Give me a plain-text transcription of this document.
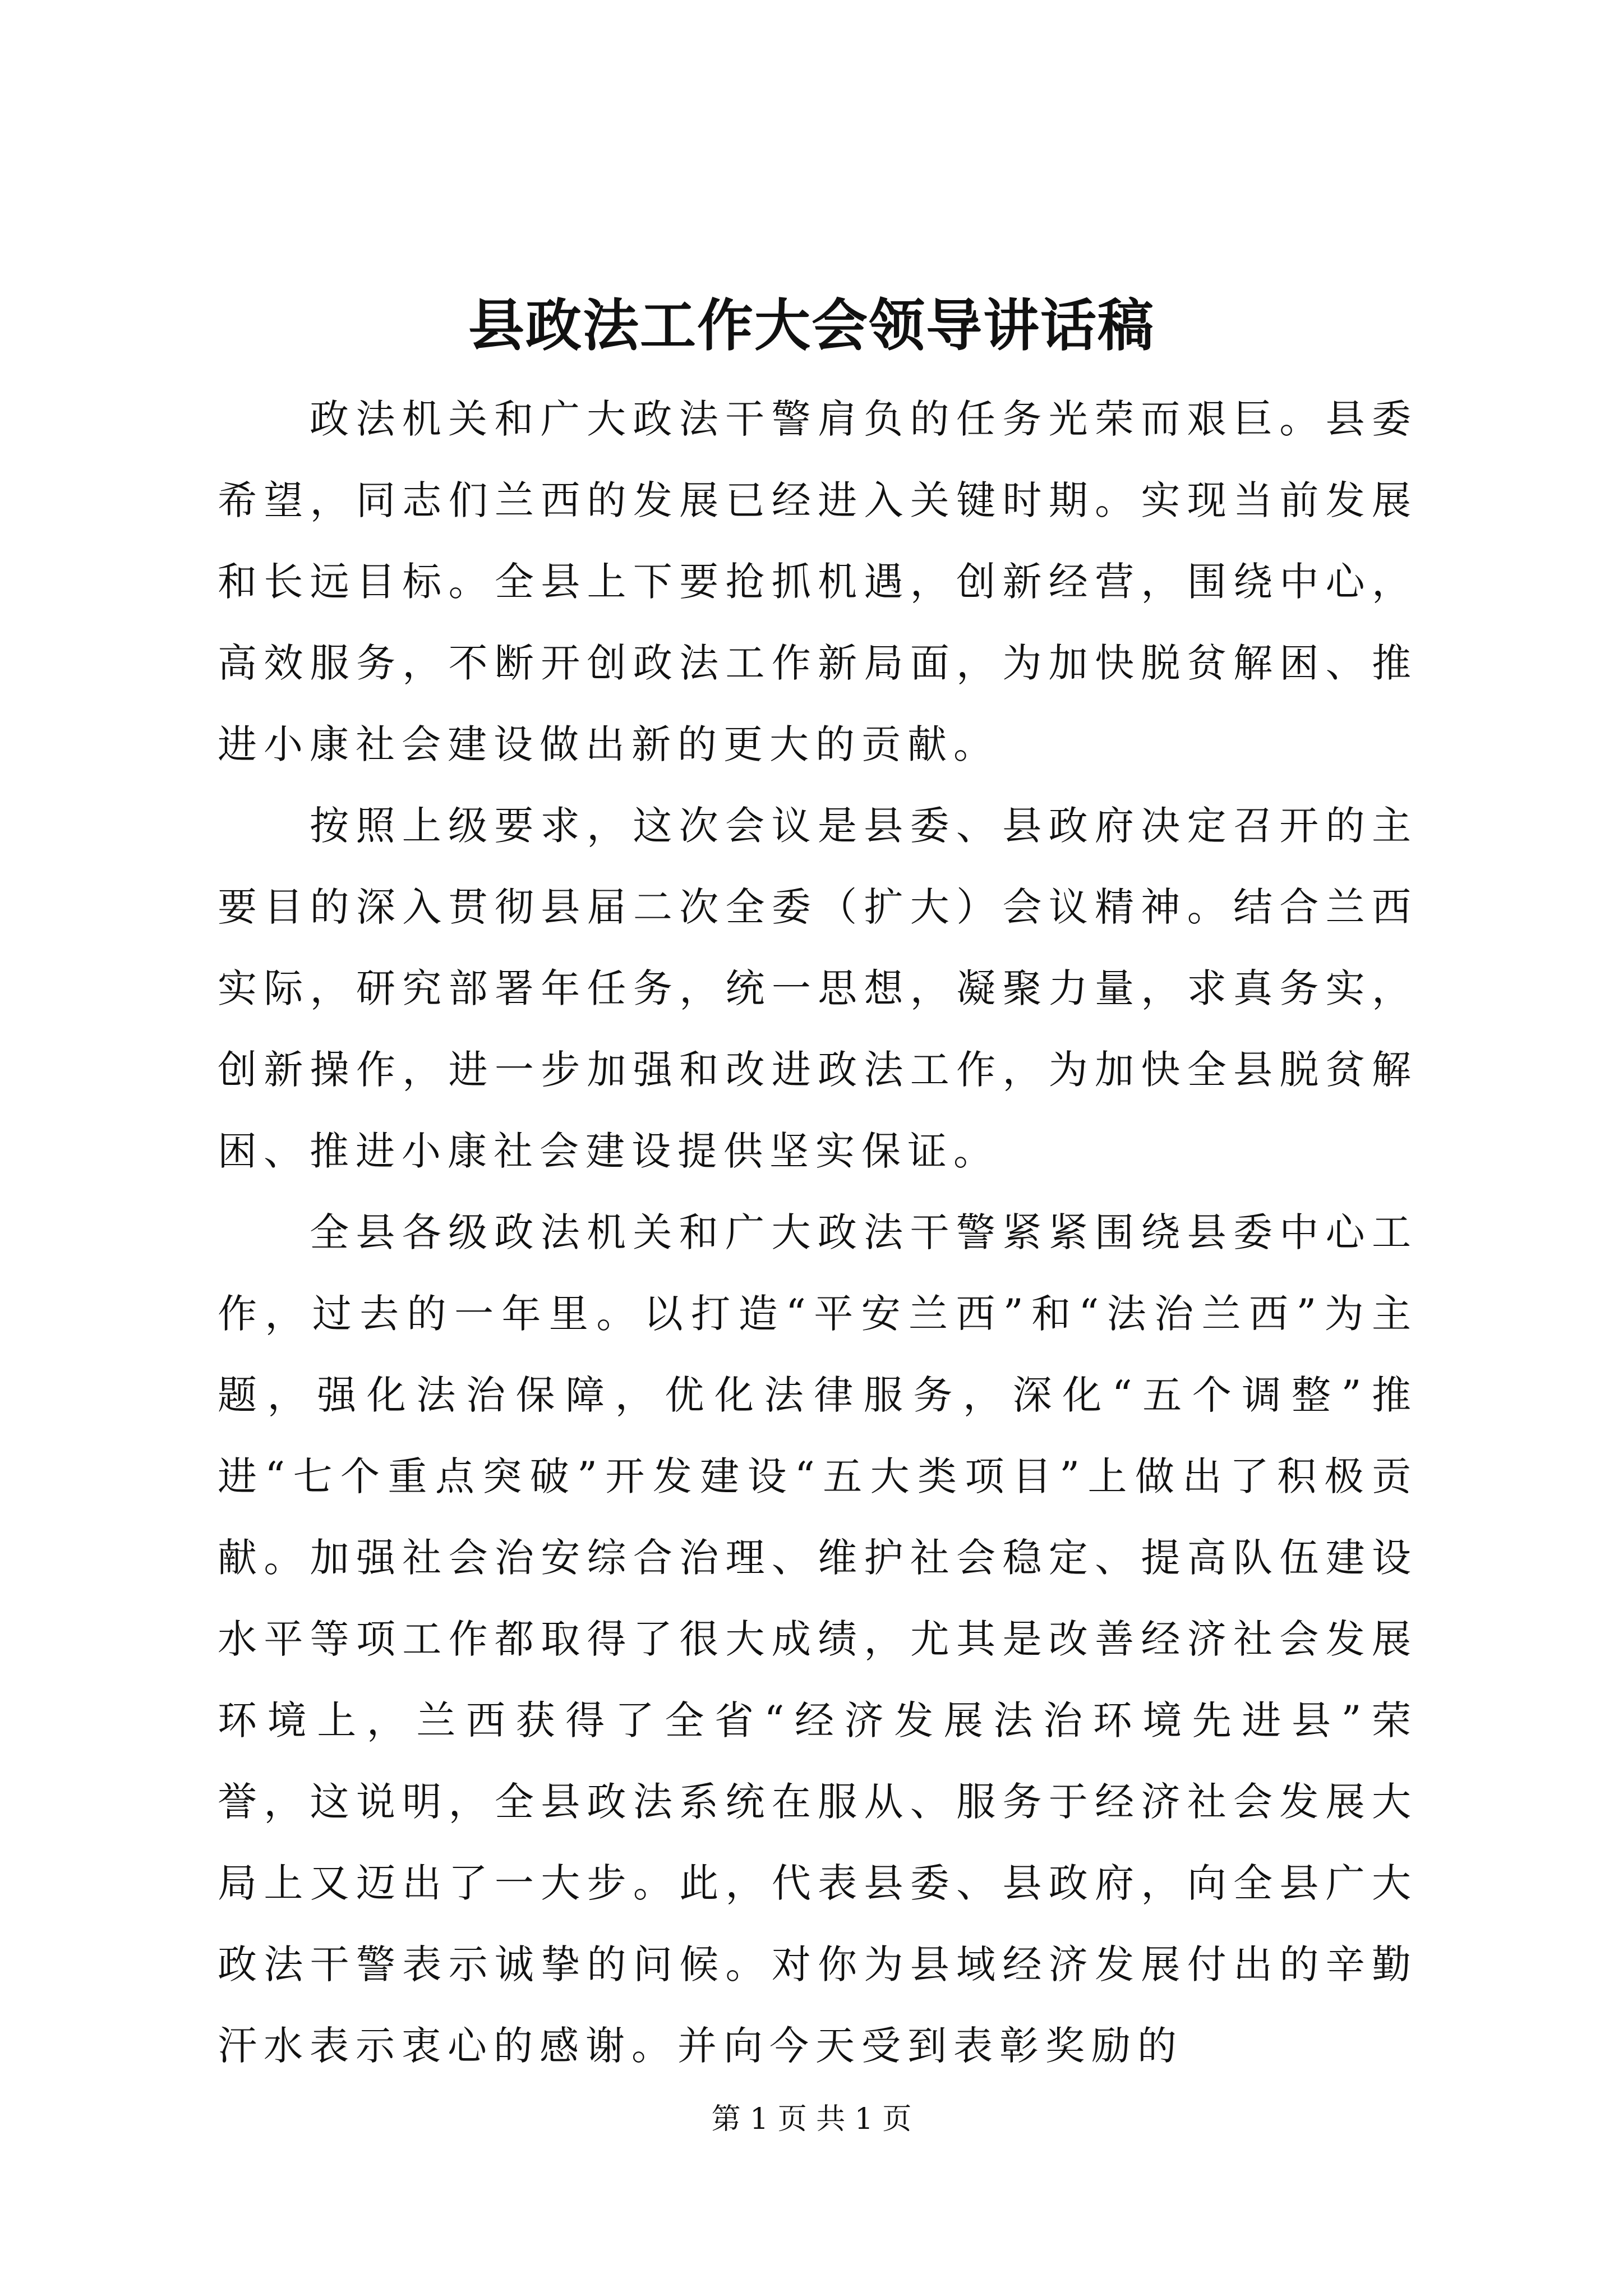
县政法工作大会领导讲话稿

政法机关和广大政法干警肩负的任务光荣而艰巨。县委希望，同志们兰西的发展已经进入关键时期。实现当前发展和长远目标。全县上下要抢抓机遇，创新经营，围绕中心，高效服务，不断开创政法工作新局面，为加快脱贫解困、推进小康社会建设做出新的更大的贡献。

按照上级要求，这次会议是县委、县政府决定召开的主要目的深入贯彻县届二次全委（扩大）会议精神。结合兰西实际，研究部署年任务，统一思想，凝聚力量，求真务实，创新操作，进一步加强和改进政法工作，为加快全县脱贫解困、推进小康社会建设提供坚实保证。

全县各级政法机关和广大政法干警紧紧围绕县委中心工作，过去的一年里。以打造“平安兰西”和“法治兰西”为主题，强化法治保障，优化法律服务，深化“五个调整”推进“七个重点突破”开发建设“五大类项目”上做出了积极贡献。加强社会治安综合治理、维护社会稳定、提高队伍建设水平等项工作都取得了很大成绩，尤其是改善经济社会发展环境上，兰西获得了全省“经济发展法治环境先进县”荣誉，这说明，全县政法系统在服从、服务于经济社会发展大局上又迈出了一大步。此，代表县委、县政府，向全县广大政法干警表示诚挚的问候。对你为县域经济发展付出的辛勤汗水表示衷心的感谢。并向今天受到表彰奖励的

第 1 页 共 1 页
